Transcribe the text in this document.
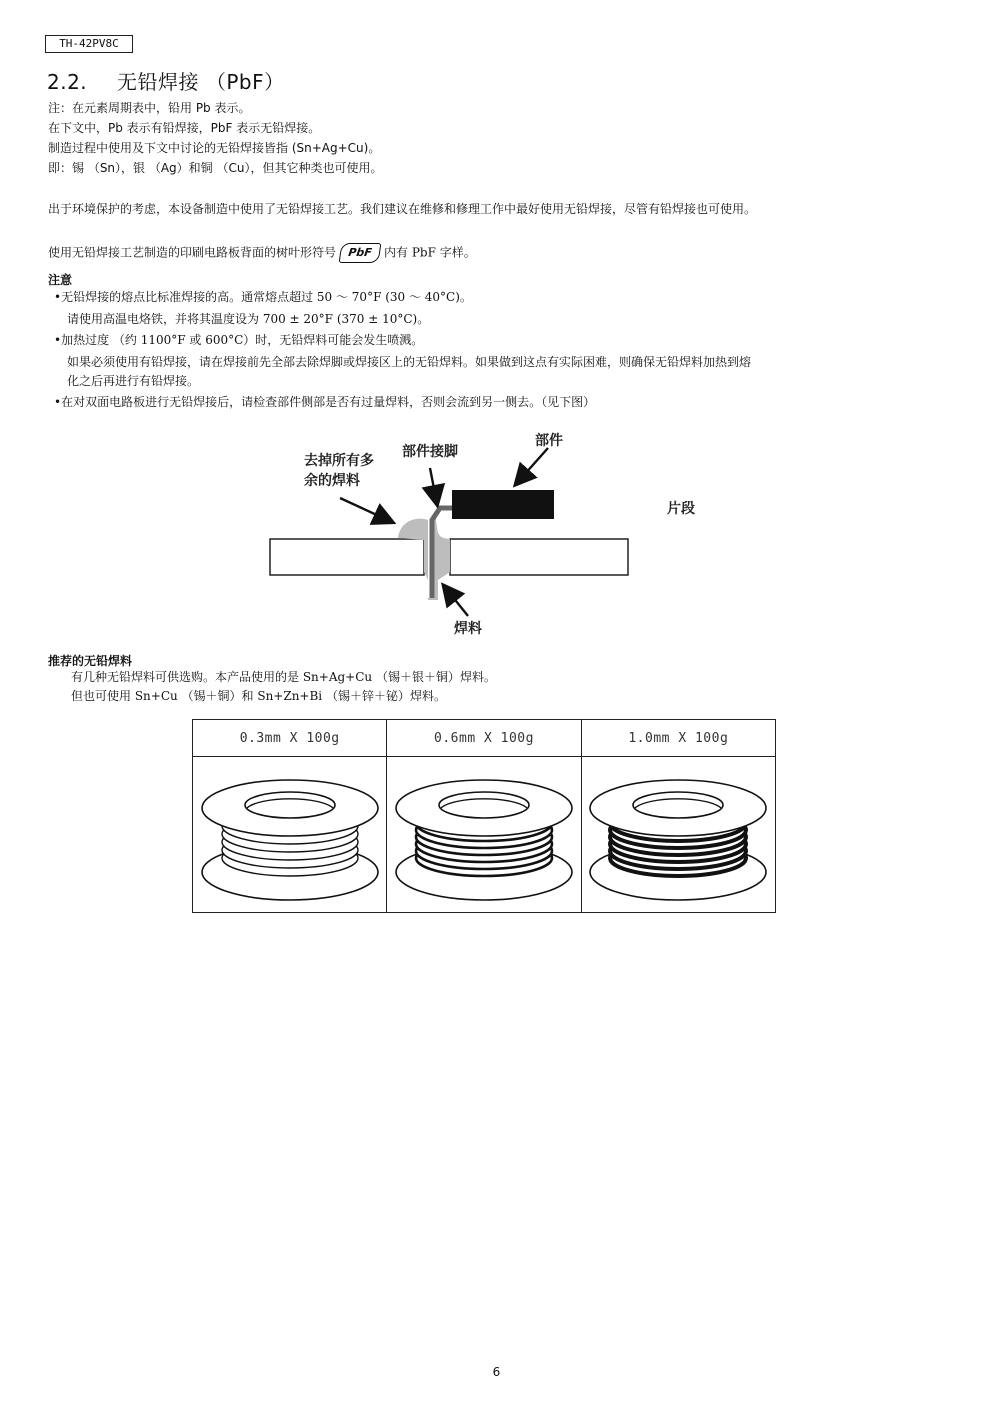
TH-42PV8C
2.2. 无铅焊接 （PbF）
注：在元素周期表中，铅用 Pb 表示。
在下文中，Pb 表示有铅焊接，PbF 表示无铅焊接。
制造过程中使用及下文中讨论的无铅焊接皆指 (Sn+Ag+Cu)。
即：锡 （Sn），银 （Ag）和铜 （Cu），但其它种类也可使用。
出于环境保护的考虑，本设备制造中使用了无铅焊接工艺。我们建议在维修和修理工作中最好使用无铅焊接，尽管有铅焊接也可使用。
使用无铅焊接工艺制造的印刷电路板背面的树叶形符号 PbF 内有 PbF 字样。
注意
•无铅焊接的熔点比标准焊接的高。通常熔点超过 50 ～ 70°F (30 ～ 40°C)。
请使用高温电烙铁，并将其温度设为 700 ± 20°F (370 ± 10°C)。
•加热过度 （约 1100°F 或 600°C）时，无铅焊料可能会发生喷溅。
如果必须使用有铅焊接，请在焊接前先全部去除焊脚或焊接区上的无铅焊料。如果做到这点有实际困难，则确保无铅焊料加热到熔
化之后再进行有铅焊接。
•在对双面电路板进行无铅焊接后，请检查部件侧部是否有过量焊料，否则会流到另一侧去。（见下图）
去掉所有多
余的焊料
部件接脚
部件
片段
焊料
推荐的无铅焊料
有几种无铅焊料可供选购。本产品使用的是 Sn+Ag+Cu （锡＋银＋铜）焊料。
但也可使用 Sn+Cu （锡＋铜）和 Sn+Zn+Bi （锡＋锌＋铋）焊料。
0.3mm X 100g	0.6mm X 100g	1.0mm X 100g

6
